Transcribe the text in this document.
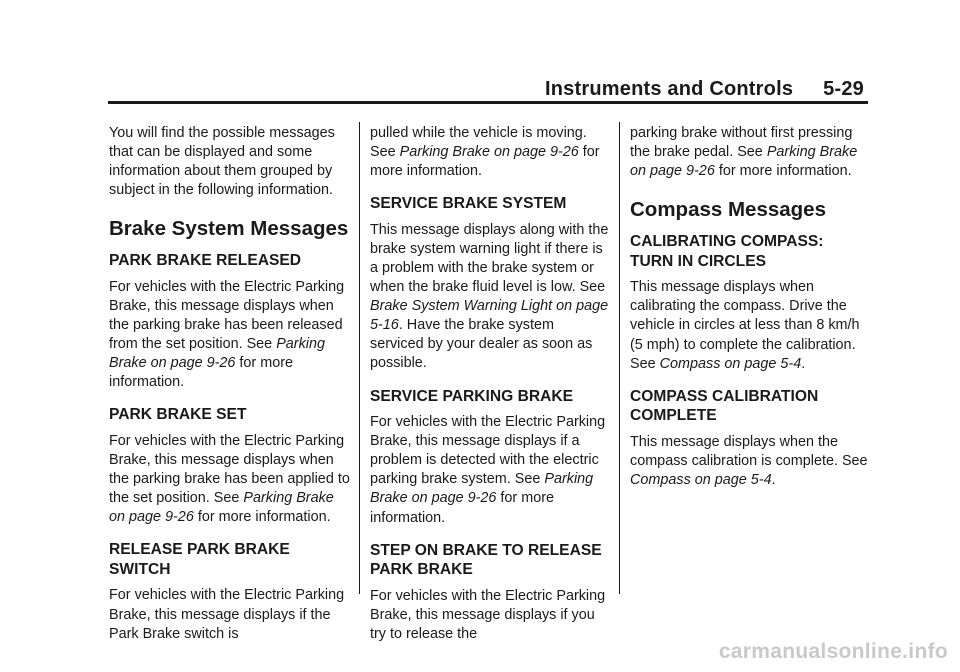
Instruments and Controls 5-29

You will find the possible messages that can be displayed and some information about them grouped by subject in the following information.

Brake System Messages
PARK BRAKE RELEASED

For vehicles with the Electric Parking Brake, this message displays when the parking brake has been released from the set position. See Parking Brake on page 9-26 for more information.

PARK BRAKE SET

For vehicles with the Electric Parking Brake, this message displays when the parking brake has been applied to the set position. See Parking Brake on page 9-26 for more information.

RELEASE PARK BRAKE SWITCH

For vehicles with the Electric Parking Brake, this message displays if the Park Brake switch is

pulled while the vehicle is moving. See Parking Brake on page 9-26 for more information.

SERVICE BRAKE SYSTEM

This message displays along with the brake system warning light if there is a problem with the brake system or when the brake fluid level is low. See Brake System Warning Light on page 5-16. Have the brake system serviced by your dealer as soon as possible.

SERVICE PARKING BRAKE

For vehicles with the Electric Parking Brake, this message displays if a problem is detected with the electric parking brake system. See Parking Brake on page 9-26 for more information.

STEP ON BRAKE TO RELEASE PARK BRAKE

For vehicles with the Electric Parking Brake, this message displays if you try to release the

parking brake without first pressing the brake pedal. See Parking Brake on page 9-26 for more information.

Compass Messages
CALIBRATING COMPASS: TURN IN CIRCLES

This message displays when calibrating the compass. Drive the vehicle in circles at less than 8 km/h (5 mph) to complete the calibration. See Compass on page 5-4.

COMPASS CALIBRATION COMPLETE

This message displays when the compass calibration is complete. See Compass on page 5-4.

carmanualsonline.info
